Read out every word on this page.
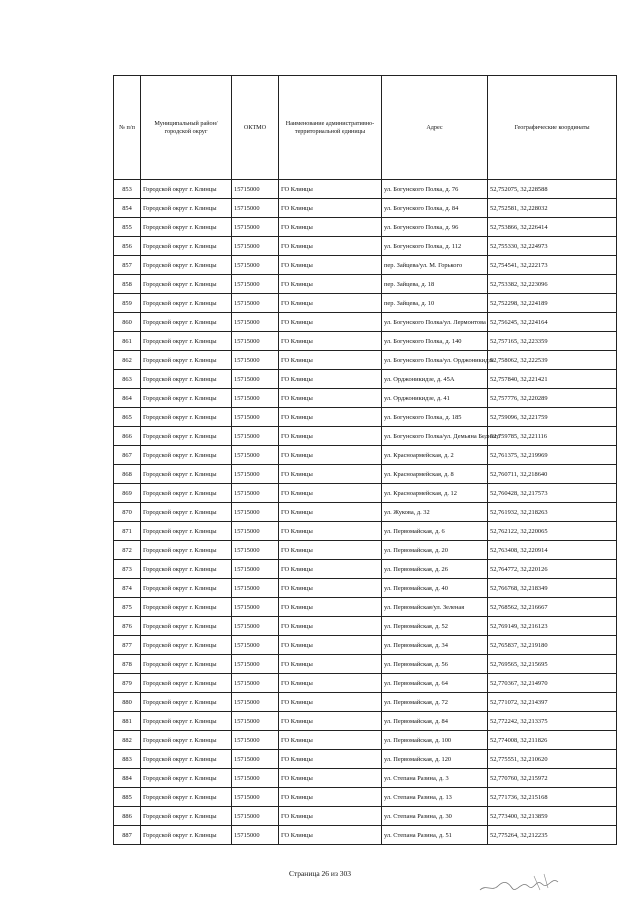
№ п/п	Муниципальный район/городской округ	ОКТМО	Наименование административно-территориальной единицы	Адрес	Географические координаты
853	Городской округ г. Клинцы	15715000	ГО Клинцы	ул. Богунского Полка, д. 76	52,752075, 32,228588
854	Городской округ г. Клинцы	15715000	ГО Клинцы	ул. Богунского Полка, д. 84	52,752581, 32,228032
855	Городской округ г. Клинцы	15715000	ГО Клинцы	ул. Богунского Полка, д. 96	52,753866, 32,226414
856	Городской округ г. Клинцы	15715000	ГО Клинцы	ул. Богунского Полка, д. 112	52,755330, 32,224973
857	Городской округ г. Клинцы	15715000	ГО Клинцы	пер. Зайцева/ул. М. Горького	52,754541, 32,222173
858	Городской округ г. Клинцы	15715000	ГО Клинцы	пер. Зайцева, д. 18	52,753382, 32,223096
859	Городской округ г. Клинцы	15715000	ГО Клинцы	пер. Зайцева, д. 10	52,752298, 32,224189
860	Городской округ г. Клинцы	15715000	ГО Клинцы	ул. Богунского Полка/ул. Лермонтова	52,756245, 32,224164
861	Городской округ г. Клинцы	15715000	ГО Клинцы	ул. Богунского Полка, д. 140	52,757165, 32,223359
862	Городской округ г. Клинцы	15715000	ГО Клинцы	ул. Богунского Полка/ул. Орджоникидзе	52,758062, 32,222539
863	Городской округ г. Клинцы	15715000	ГО Клинцы	ул. Орджоникидзе, д. 45А	52,757840, 32,221421
864	Городской округ г. Клинцы	15715000	ГО Клинцы	ул. Орджоникидзе, д. 41	52,757776, 32,220289
865	Городской округ г. Клинцы	15715000	ГО Клинцы	ул. Богунского Полка, д. 185	52,759096, 32,221759
866	Городской округ г. Клинцы	15715000	ГО Клинцы	ул. Богунского Полка/ул. Демьяна Бедного	52,759785, 32,221116
867	Городской округ г. Клинцы	15715000	ГО Клинцы	ул. Красноармейская, д. 2	52,761375, 32,219969
868	Городской округ г. Клинцы	15715000	ГО Клинцы	ул. Красноармейская, д. 8	52,760711, 32,218640
869	Городской округ г. Клинцы	15715000	ГО Клинцы	ул. Красноармейская, д. 12	52,760428, 32,217573
870	Городской округ г. Клинцы	15715000	ГО Клинцы	ул. Жукова, д. 32	52,761932, 32,218263
871	Городской округ г. Клинцы	15715000	ГО Клинцы	ул. Первомайская, д. 6	52,762122, 32,220065
872	Городской округ г. Клинцы	15715000	ГО Клинцы	ул. Первомайская, д. 20	52,763408, 32,220914
873	Городской округ г. Клинцы	15715000	ГО Клинцы	ул. Первомайская, д. 26	52,764772, 32,220126
874	Городской округ г. Клинцы	15715000	ГО Клинцы	ул. Первомайская, д. 40	52,766768, 32,218349
875	Городской округ г. Клинцы	15715000	ГО Клинцы	ул. Первомайская/ул. Зеленая	52,768562, 32,216667
876	Городской округ г. Клинцы	15715000	ГО Клинцы	ул. Первомайская, д. 52	52,769149, 32,216123
877	Городской округ г. Клинцы	15715000	ГО Клинцы	ул. Первомайская, д. 34	52,765837, 32,219180
878	Городской округ г. Клинцы	15715000	ГО Клинцы	ул. Первомайская, д. 56	52,769565, 32,215695
879	Городской округ г. Клинцы	15715000	ГО Клинцы	ул. Первомайская, д. 64	52,770367, 32,214970
880	Городской округ г. Клинцы	15715000	ГО Клинцы	ул. Первомайская, д. 72	52,771072, 32,214397
881	Городской округ г. Клинцы	15715000	ГО Клинцы	ул. Первомайская, д. 84	52,772242, 32,213375
882	Городской округ г. Клинцы	15715000	ГО Клинцы	ул. Первомайская, д. 100	52,774008, 32,211826
883	Городской округ г. Клинцы	15715000	ГО Клинцы	ул. Первомайская, д. 120	52,775551, 32,210620
884	Городской округ г. Клинцы	15715000	ГО Клинцы	ул. Степана Разина, д. 3	52,770760, 32,215972
885	Городской округ г. Клинцы	15715000	ГО Клинцы	ул. Степана Разина, д. 13	52,771736, 32,215168
886	Городской округ г. Клинцы	15715000	ГО Клинцы	ул. Степана Разина, д. 30	52,773400, 32,213859
887	Городской округ г. Клинцы	15715000	ГО Клинцы	ул. Степана Разина, д. 51	52,775264, 32,212235
Страница 26 из 303
